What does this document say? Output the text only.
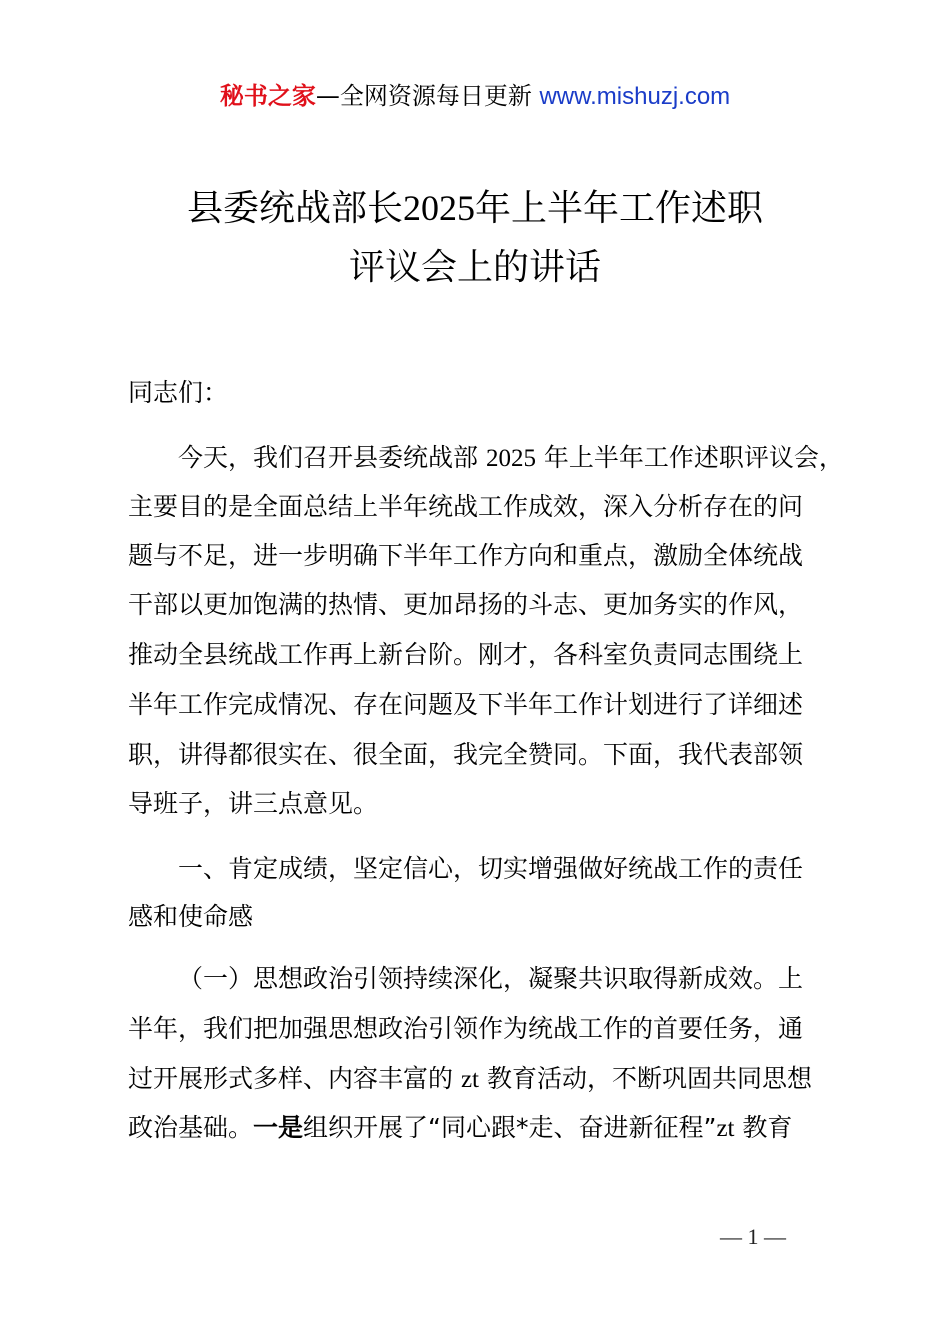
秘书之家—全网资源每日更新 www.mishuzj.com
县委统战部长2025年上半年工作述职
评议会上的讲话
同志们：
今天，我们召开县委统战部 2025 年上半年工作述职评议会，
主要目的是全面总结上半年统战工作成效，深入分析存在的问
题与不足，进一步明确下半年工作方向和重点，激励全体统战
干部以更加饱满的热情、更加昂扬的斗志、更加务实的作风，
推动全县统战工作再上新台阶。刚才，各科室负责同志围绕上
半年工作完成情况、存在问题及下半年工作计划进行了详细述
职，讲得都很实在、很全面，我完全赞同。下面，我代表部领
导班子，讲三点意见。
一、肯定成绩，坚定信心，切实增强做好统战工作的责任
感和使命感
（一）思想政治引领持续深化，凝聚共识取得新成效。上
半年，我们把加强思想政治引领作为统战工作的首要任务，通
过开展形式多样、内容丰富的 zt 教育活动，不断巩固共同思想
政治基础。一是组织开展了“同心跟*走、奋进新征程”zt 教育
— 1 —
